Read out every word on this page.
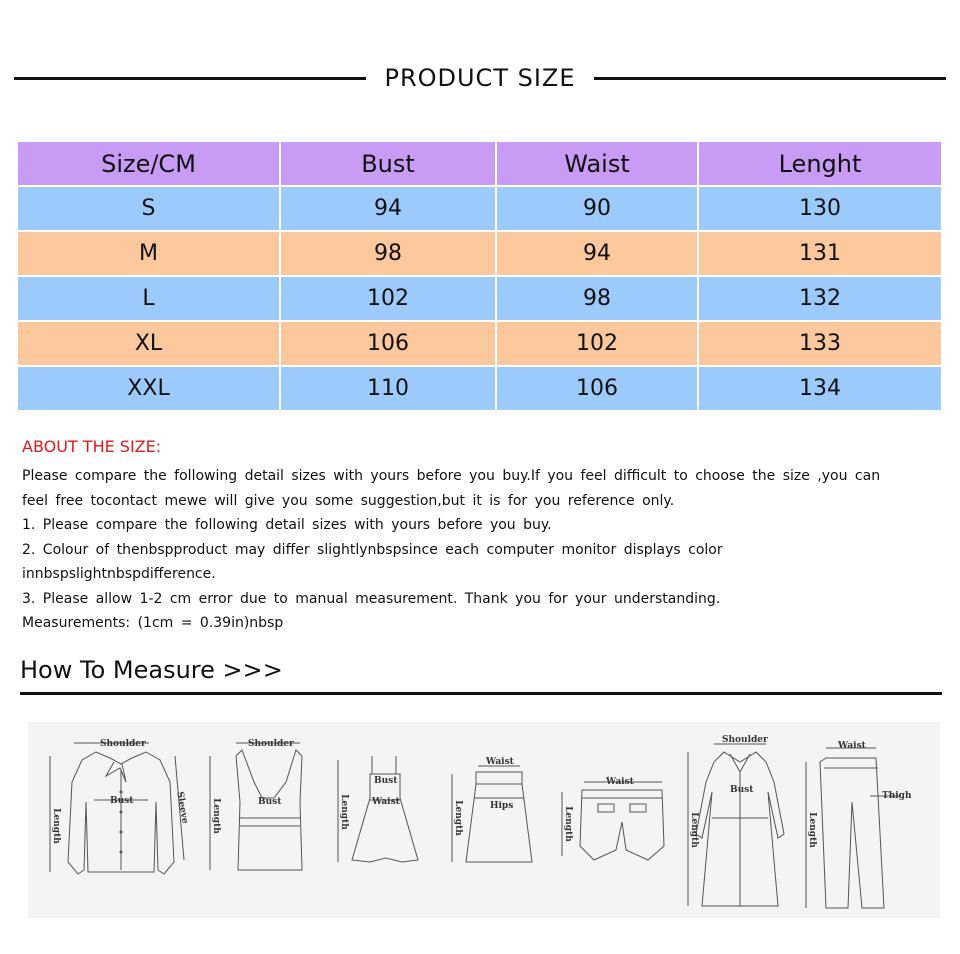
PRODUCT SIZE
Size/CM	Bust	Waist	Lenght
S	94	90	130
M	98	94	131
L	102	98	132
XL	106	102	133
XXL	110	106	134
ABOUT THE SIZE:

Please compare the following detail sizes with yours before you buy.If you feel difficult to choose the size ,you can

feel free tocontact mewe will give you some suggestion,but it is for you reference only.

1. Please compare the following detail sizes with yours before you buy.

2. Colour of thenbspproduct may differ slightlynbspsince each computer monitor displays color

innbspslightnbspdifference.

3. Please allow 1-2 cm error due to manual measurement. Thank you for your understanding.

Measurements: (1cm = 0.39in)nbsp

How To Measure >>>
Shoulder
Bust
Length
Sleeve
Shoulder
Bust
Length
Bust
Waist
Length
Waist
Hips
Length
Waist
Length
Shoulder
Bust
Length
Waist
Thigh
Length
